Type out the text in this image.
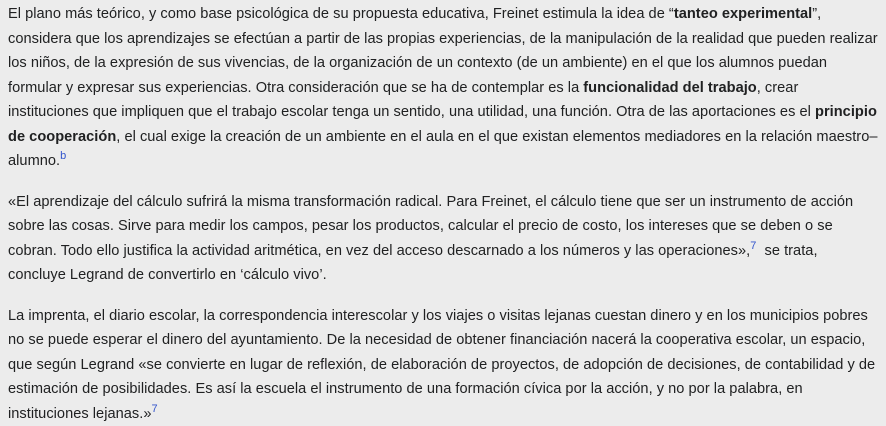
El plano más teórico, y como base psicológica de su propuesta educativa, Freinet estimula la idea de “tanteo experimental”, considera que los aprendizajes se efectúan a partir de las propias experiencias, de la manipulación de la realidad que pueden realizar los niños, de la expresión de sus vivencias, de la organización de un contexto (de un ambiente) en el que los alumnos puedan formular y expresar sus experiencias. Otra consideración que se ha de contemplar es la funcionalidad del trabajo, crear instituciones que impliquen que el trabajo escolar tenga un sentido, una utilidad, una función. Otra de las aportaciones es el principio de cooperación, el cual exige la creación de un ambiente en el aula en el que existan elementos mediadores en la relación maestro–alumno.$^b$

«El aprendizaje del cálculo sufrirá la misma transformación radical. Para Freinet, el cálculo tiene que ser un instrumento de acción sobre las cosas. Sirve para medir los campos, pesar los productos, calcular el precio de costo, los intereses que se deben o se cobran. Todo ello justifica la actividad aritmética, en vez del acceso descarnado a los números y las operaciones»,$^7$  se trata, concluye Legrand de convertirlo en ‘cálculo vivo’.

La imprenta, el diario escolar, la correspondencia interescolar y los viajes o visitas lejanas cuestan dinero y en los municipios pobres no se puede esperar el dinero del ayuntamiento. De la necesidad de obtener financiación nacerá la cooperativa escolar, un espacio, que según Legrand «se convierte en lugar de reflexión, de elaboración de proyectos, de adopción de decisiones, de contabilidad y de estimación de posibilidades. Es así la escuela el instrumento de una formación cívica por la acción, y no por la palabra, en instituciones lejanas.»$^7$
